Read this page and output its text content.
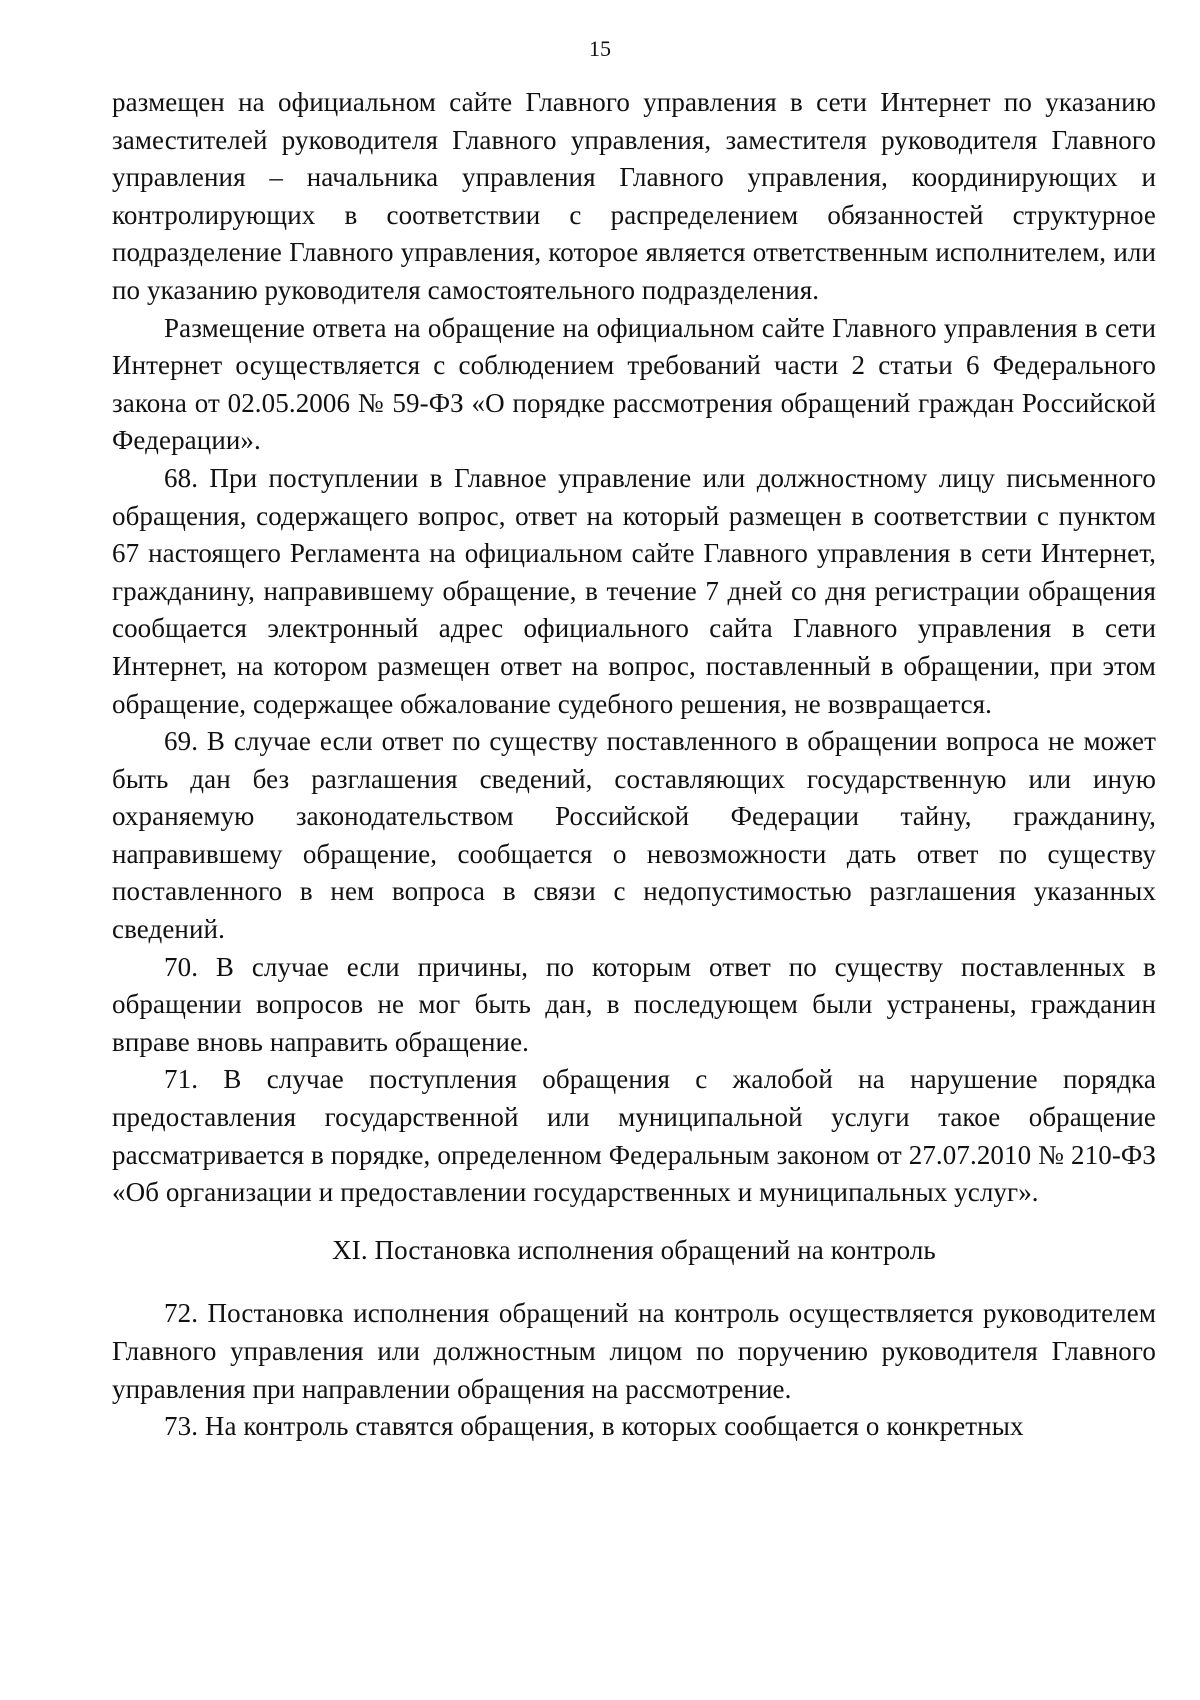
15

размещен на официальном сайте Главного управления в сети Интернет по указанию заместителей руководителя Главного управления, заместителя руководителя Главного управления – начальника управления Главного управления, координирующих и контролирующих в соответствии с распределением обязанностей структурное подразделение Главного управления, которое является ответственным исполнителем, или по указанию руководителя самостоятельного подразделения.

Размещение ответа на обращение на официальном сайте Главного управления в сети Интернет осуществляется с соблюдением требований части 2 статьи 6 Федерального закона от 02.05.2006 № 59-ФЗ «О порядке рассмотрения обращений граждан Российской Федерации».

68. При поступлении в Главное управление или должностному лицу письменного обращения, содержащего вопрос, ответ на который размещен в соответствии с пунктом 67 настоящего Регламента на официальном сайте Главного управления в сети Интернет, гражданину, направившему обращение, в течение 7 дней со дня регистрации обращения сообщается электронный адрес официального сайта Главного управления в сети Интернет, на котором размещен ответ на вопрос, поставленный в обращении, при этом обращение, содержащее обжалование судебного решения, не возвращается.

69. В случае если ответ по существу поставленного в обращении вопроса не может быть дан без разглашения сведений, составляющих государственную или иную охраняемую законодательством Российской Федерации тайну, гражданину, направившему обращение, сообщается о невозможности дать ответ по существу поставленного в нем вопроса в связи с недопустимостью разглашения указанных сведений.

70. В случае если причины, по которым ответ по существу поставленных в обращении вопросов не мог быть дан, в последующем были устранены, гражданин вправе вновь направить обращение.

71. В случае поступления обращения с жалобой на нарушение порядка предоставления государственной или муниципальной услуги такое обращение рассматривается в порядке, определенном Федеральным законом от 27.07.2010 № 210-ФЗ «Об организации и предоставлении государственных и муниципальных услуг».

XI. Постановка исполнения обращений на контроль

72. Постановка исполнения обращений на контроль осуществляется руководителем Главного управления или должностным лицом по поручению руководителя Главного управления при направлении обращения на рассмотрение.

73. На контроль ставятся обращения, в которых сообщается о конкретных
